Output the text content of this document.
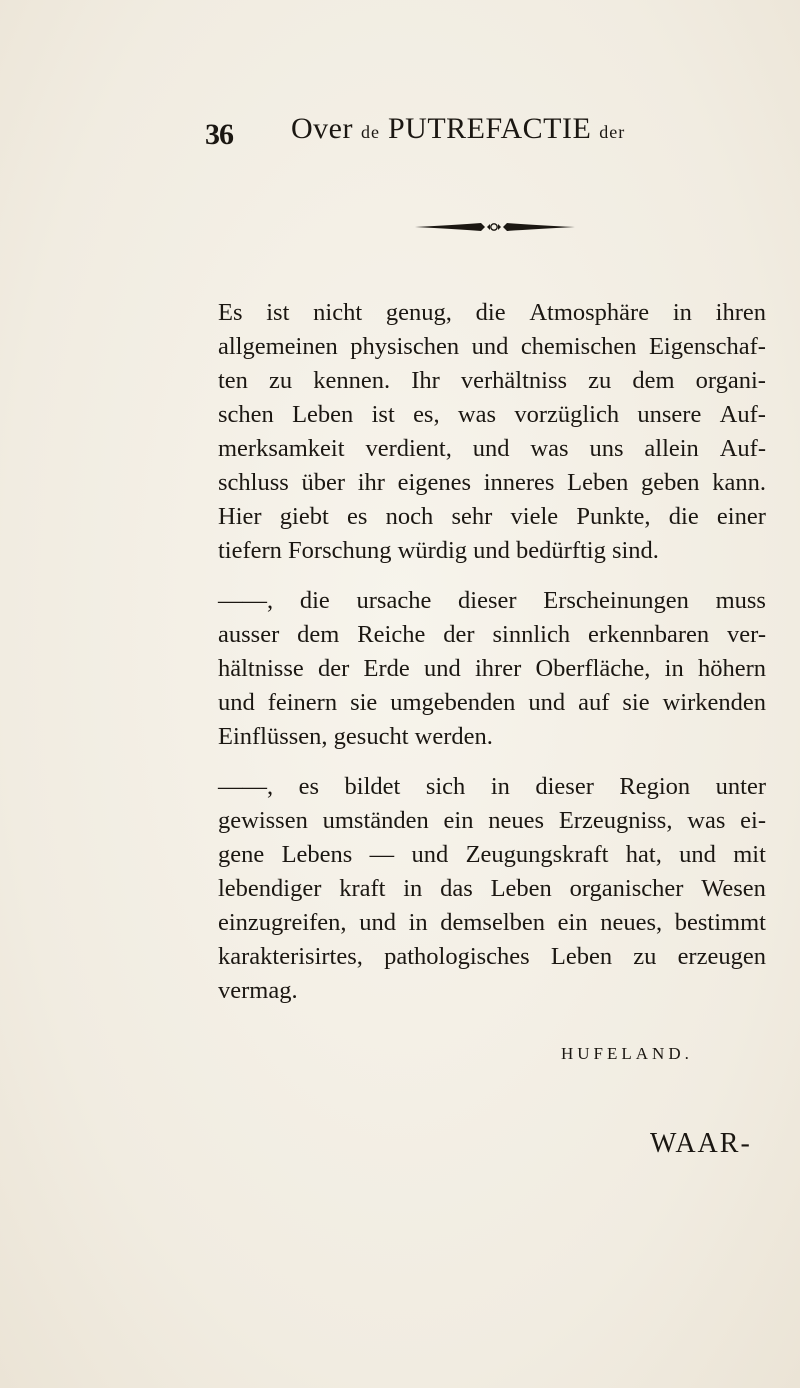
36 Over de PUTREFACTIE der
Es ist nicht genug, die Atmosphäre in ihren
allgemeinen physischen und chemischen Eigenschaf-
ten zu kennen. Ihr verhältniss zu dem organi-
schen Leben ist es, was vorzüglich unsere Auf-
merksamkeit verdient, und was uns allein Auf-
schluss über ihr eigenes inneres Leben geben kann.
Hier giebt es noch sehr viele Punkte, die einer
tiefern Forschung würdig und bedürftig sind.
——, die ursache dieser Erscheinungen muss
ausser dem Reiche der sinnlich erkennbaren ver-
hältnisse der Erde und ihrer Oberfläche, in höhern
und feinern sie umgebenden und auf sie wirkenden
Einflüssen, gesucht werden.
——, es bildet sich in dieser Region unter
gewissen umständen ein neues Erzeugniss, was ei-
gene Lebens — und Zeugungskraft hat, und mit
lebendiger kraft in das Leben organischer Wesen
einzugreifen, und in demselben ein neues, bestimmt
karakterisirtes, pathologisches Leben zu erzeugen
vermag.
HUFELAND.
WAAR-
